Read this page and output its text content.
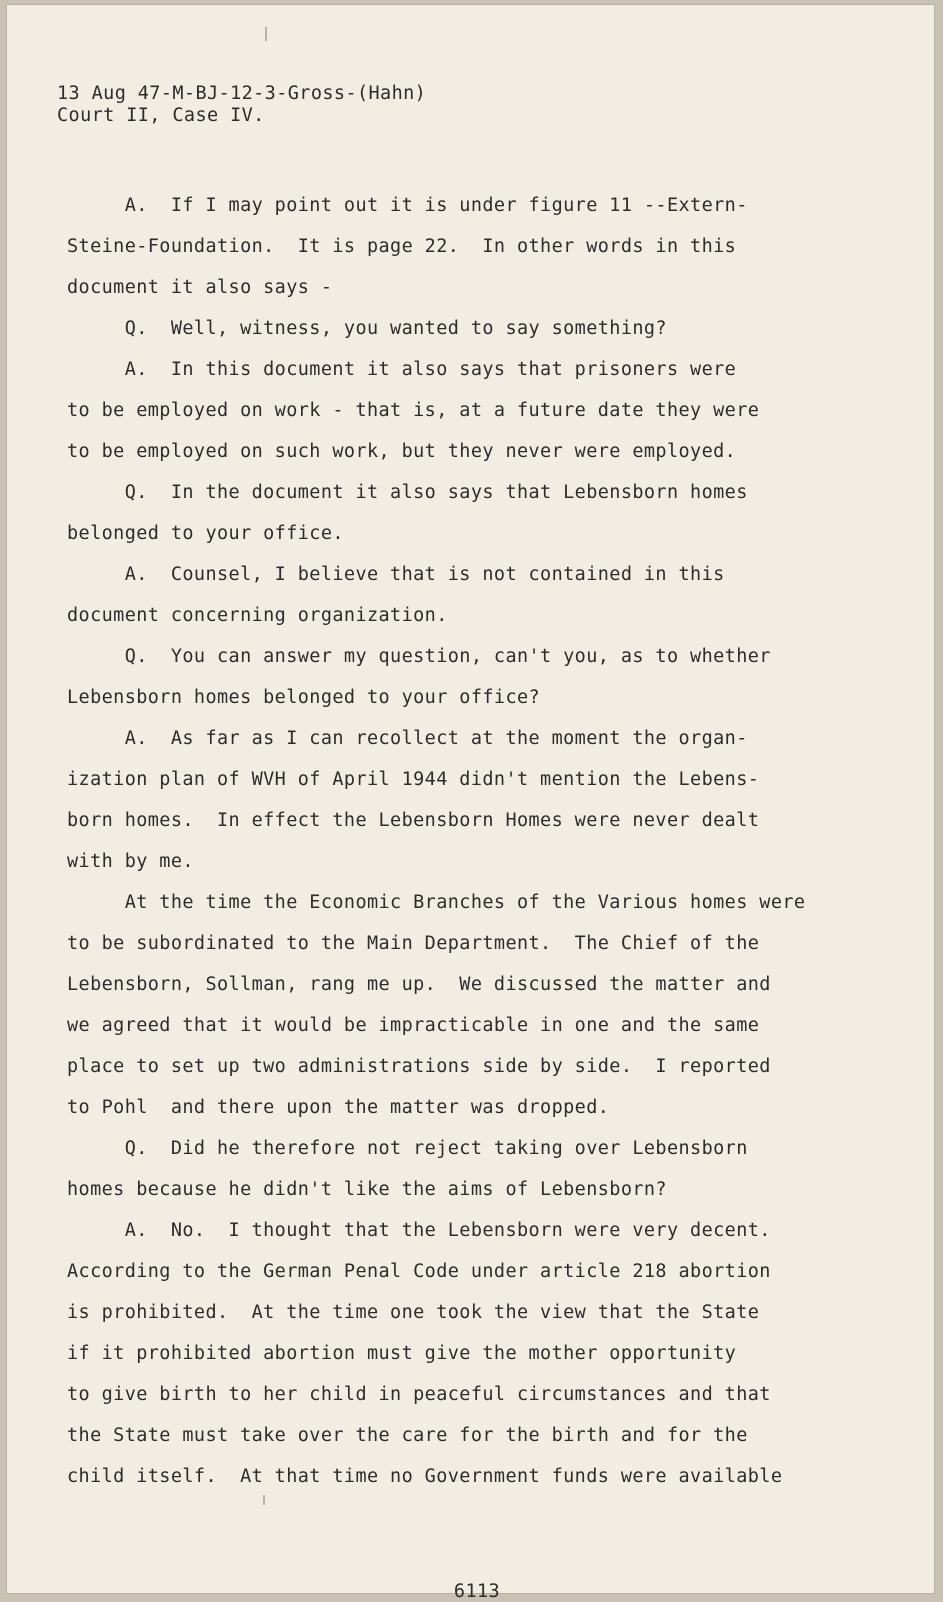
13 Aug 47-M-BJ-12-3-Gross-(Hahn)
Court II, Case IV.
A.  If I may point out it is under figure 11 --Extern-
Steine-Foundation.  It is page 22.  In other words in this
document it also says -
Q.  Well, witness, you wanted to say something?
A.  In this document it also says that prisoners were
to be employed on work - that is, at a future date they were
to be employed on such work, but they never were employed.
Q.  In the document it also says that Lebensborn homes
belonged to your office.
A.  Counsel, I believe that is not contained in this
document concerning organization.
Q.  You can answer my question, can't you, as to whether
Lebensborn homes belonged to your office?
A.  As far as I can recollect at the moment the organ-
ization plan of WVH of April 1944 didn't mention the Lebens-
born homes.  In effect the Lebensborn Homes were never dealt
with by me.
At the time the Economic Branches of the Various homes were
to be subordinated to the Main Department.  The Chief of the
Lebensborn, Sollman, rang me up.  We discussed the matter and
we agreed that it would be impracticable in one and the same
place to set up two administrations side by side.  I reported
to Pohl  and there upon the matter was dropped.
Q.  Did he therefore not reject taking over Lebensborn
homes because he didn't like the aims of Lebensborn?
A.  No.  I thought that the Lebensborn were very decent.
According to the German Penal Code under article 218 abortion
is prohibited.  At the time one took the view that the State
if it prohibited abortion must give the mother opportunity
to give birth to her child in peaceful circumstances and that
the State must take over the care for the birth and for the
child itself.  At that time no Government funds were available
6113
